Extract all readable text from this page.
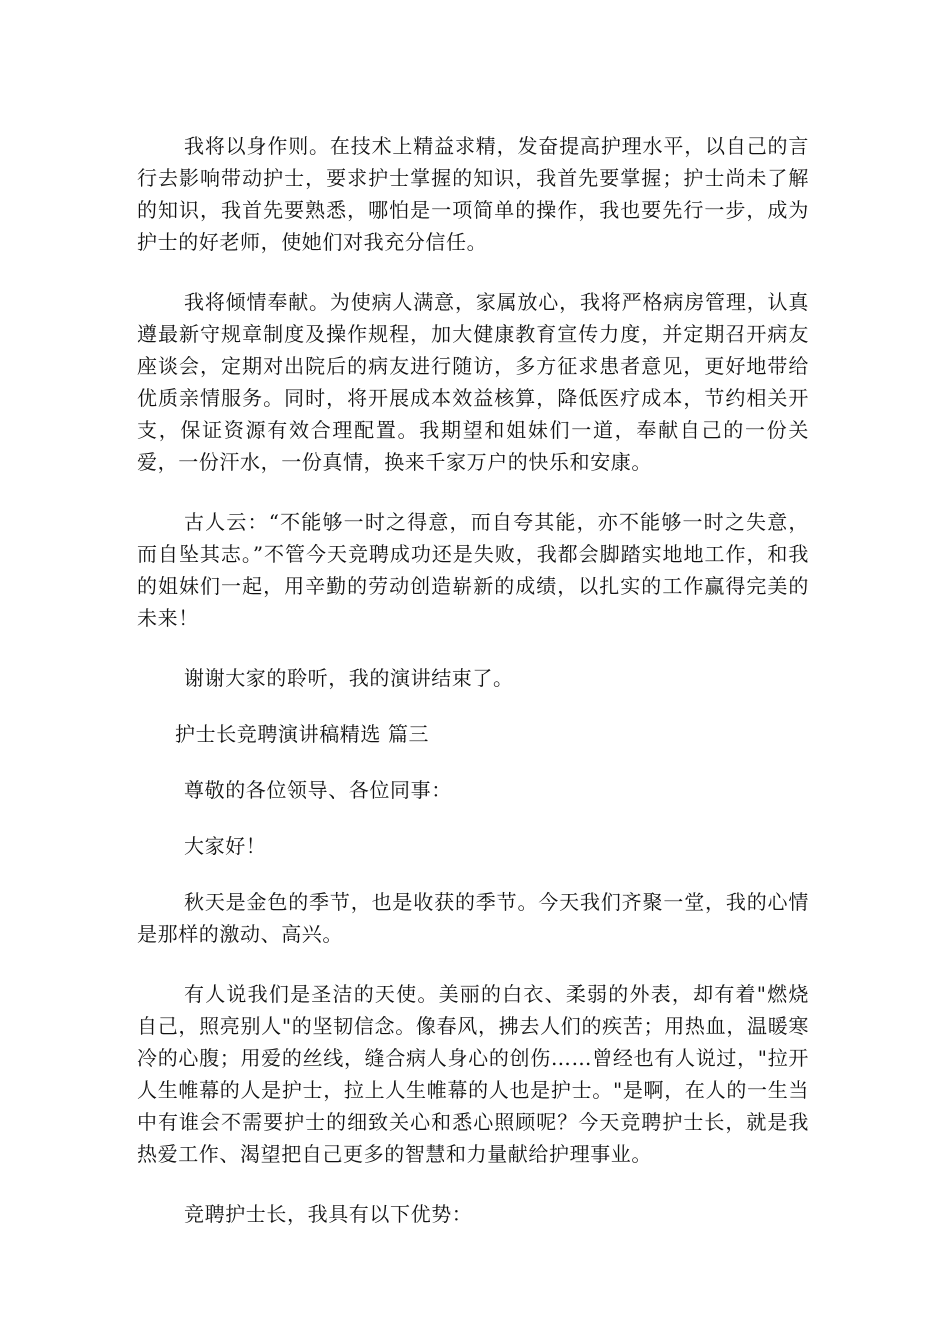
我将以身作则。在技术上精益求精，发奋提高护理水平，以自己的言行去影响带动护士，要求护士掌握的知识，我首先要掌握；护士尚未了解的知识，我首先要熟悉，哪怕是一项简单的操作，我也要先行一步，成为护士的好老师，使她们对我充分信任。

我将倾情奉献。为使病人满意，家属放心，我将严格病房管理，认真遵最新守规章制度及操作规程，加大健康教育宣传力度，并定期召开病友座谈会，定期对出院后的病友进行随访，多方征求患者意见，更好地带给优质亲情服务。同时，将开展成本效益核算，降低医疗成本，节约相关开支，保证资源有效合理配置。我期望和姐妹们一道，奉献自己的一份关爱，一份汗水，一份真情，换来千家万户的快乐和安康。

古人云：“不能够一时之得意，而自夸其能，亦不能够一时之失意，而自坠其志。”不管今天竞聘成功还是失败，我都会脚踏实地地工作，和我的姐妹们一起，用辛勤的劳动创造崭新的成绩，以扎实的工作赢得完美的未来！

谢谢大家的聆听，我的演讲结束了。

护士长竞聘演讲稿精选 篇三

尊敬的各位领导、各位同事：

大家好！

秋天是金色的季节，也是收获的季节。今天我们齐聚一堂，我的心情是那样的激动、高兴。

有人说我们是圣洁的天使。美丽的白衣、柔弱的外表，却有着"燃烧自己，照亮别人"的坚韧信念。像春风，拂去人们的疾苦；用热血，温暖寒冷的心腹；用爱的丝线，缝合病人身心的创伤……曾经也有人说过，"拉开人生帷幕的人是护士，拉上人生帷幕的人也是护士。"是啊，在人的一生当中有谁会不需要护士的细致关心和悉心照顾呢？今天竞聘护士长，就是我热爱工作、渴望把自己更多的智慧和力量献给护理事业。

竞聘护士长，我具有以下优势：
